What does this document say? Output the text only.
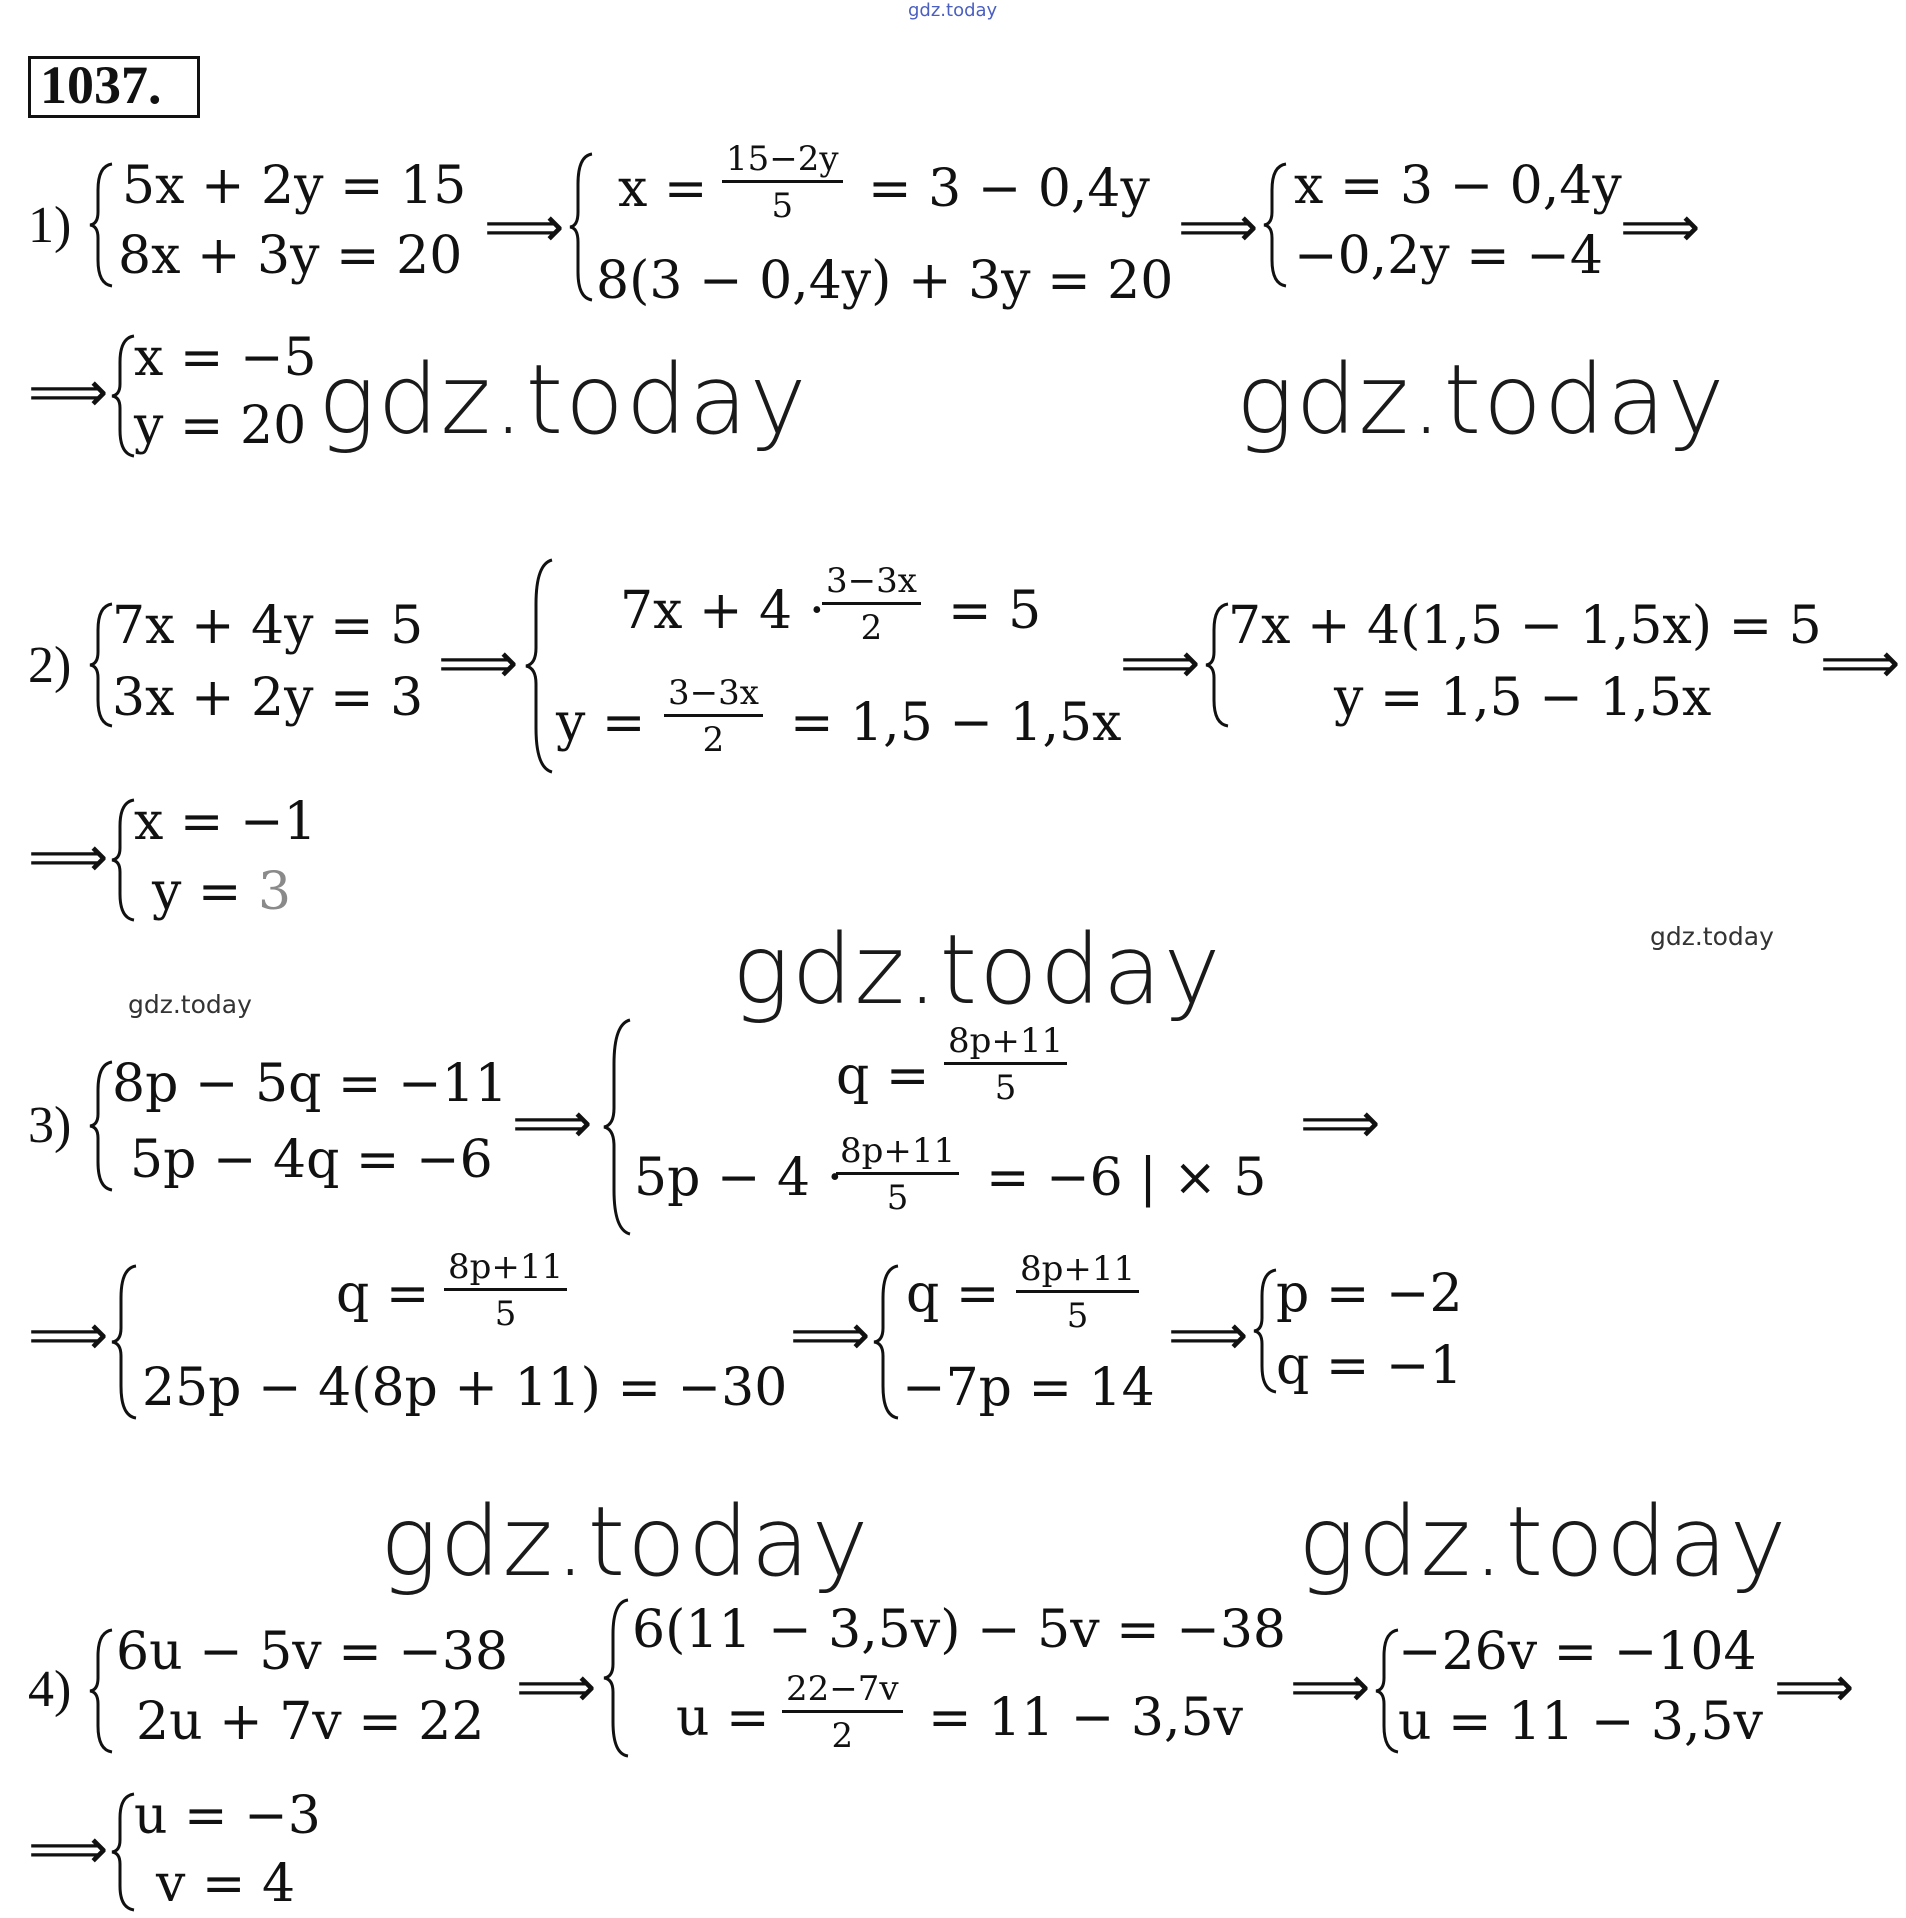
gdz.today
1037.
1)
5x + 2y = 15
8x + 3y = 20 ⟹
$x = \frac{15-2y}{5} = 3 - 0,4y$
8(3 − 0,4y) + 3y = 20
⟹
x = 3 − 0,4y
−0,2y = −4 ⟹
⟹
x = −5
y = 20 gdz.today	gdz.today
2)
7x + 4y = 5
3x + 2y = 3
⟹
7x + 4 ·
$\frac{3-3x}{2} = 5$
$y = \frac{3-3x}{2} = 1,5 - 1,5x$
⟹
7x + 4(1,5 − 1,5x) = 5
y = 1,5 − 1,5x
⟹
⟹
x = −1
y = 3
gdz.today	gdz.today
gdz.today
3)
8p − 5q = −11
5p − 4q = −6
⟹
$q = \frac{8p+11}{5}$
5p − 4 ·
$\frac{8p+11}{5} = -6$ | × 5
⟹
⟹
$q = \frac{8p+11}{5}$
25p − 4(8p + 11) = −30
⟹
$q = \frac{8p+11}{5}$
−7p = 14
⟹
p = −2
q = −1
gdz.today	gdz.today
4)
6u − 5v = −38
2u + 7v = 22
⟹
6(11 − 3,5v) − 5v = −38
$u = \frac{22-7v}{2} = 11 - 3,5v$ ⟹
−26v = −104
u = 11 − 3,5v
⟹
⟹
u = −3
v = 4
